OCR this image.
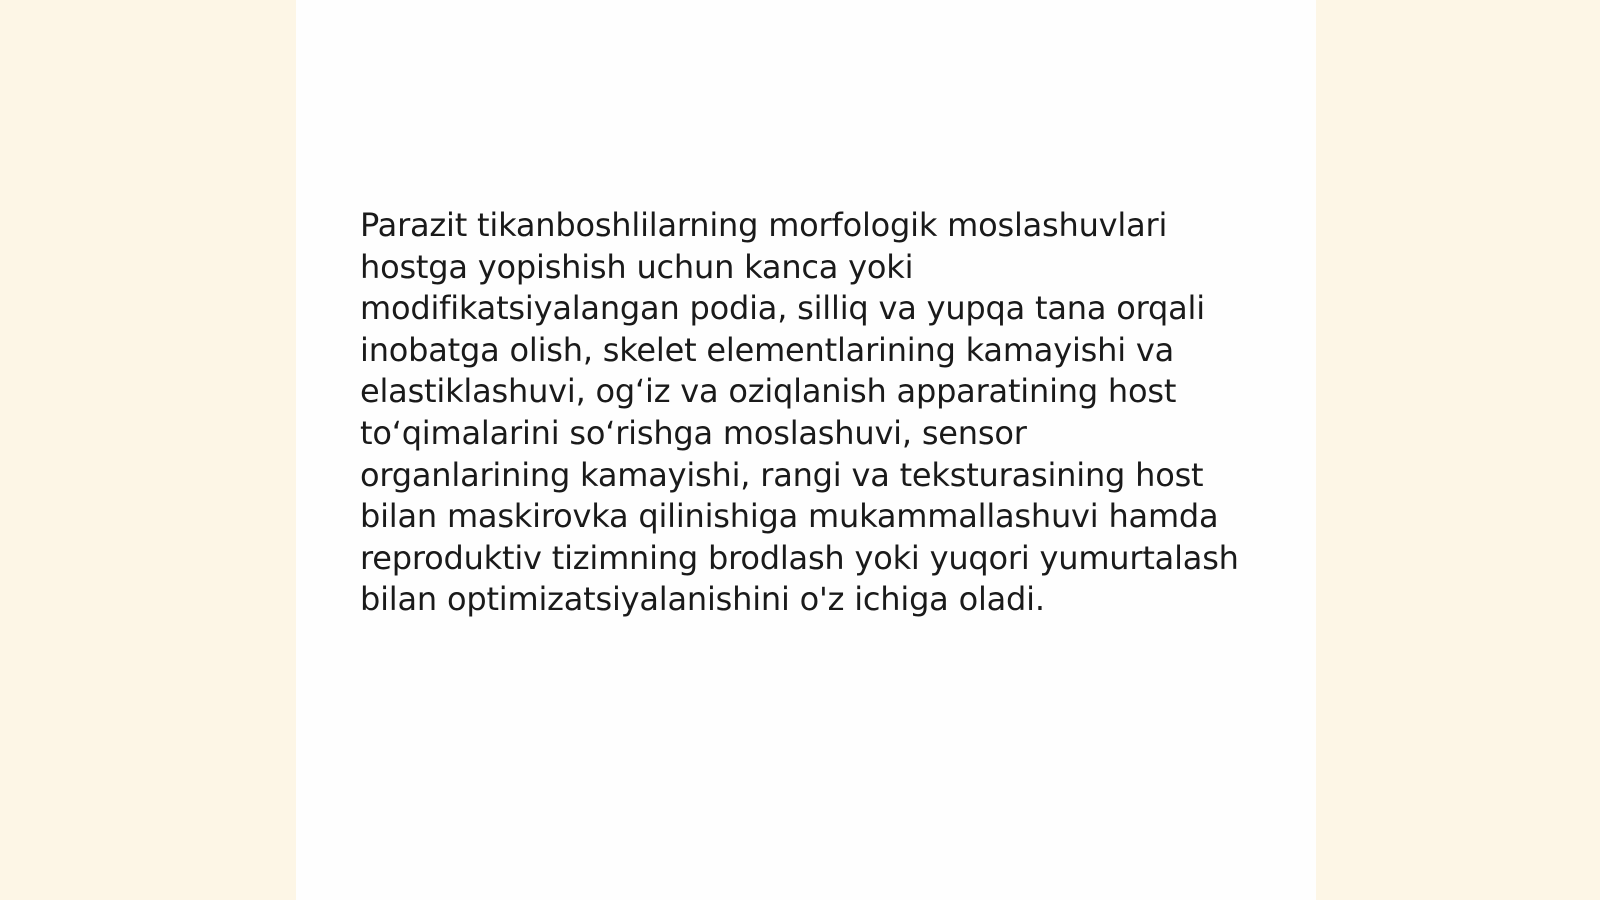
Parazit tikanboshlilarning morfologik moslashuvlari hostga yopishish uchun kanca yoki modifikatsiyalangan podia, silliq va yupqa tana orqali inobatga olish, skelet elementlarining kamayishi va elastiklashuvi, og‘iz va oziqlanish apparatining host to‘qimalarini so‘rishga moslashuvi, sensor organlarining kamayishi, rangi va teksturasining host bilan maskirovka qilinishiga mukammallashuvi hamda reproduktiv tizimning brodlash yoki yuqori yumurtalash bilan optimizatsiyalanishini o'z ichiga oladi.
